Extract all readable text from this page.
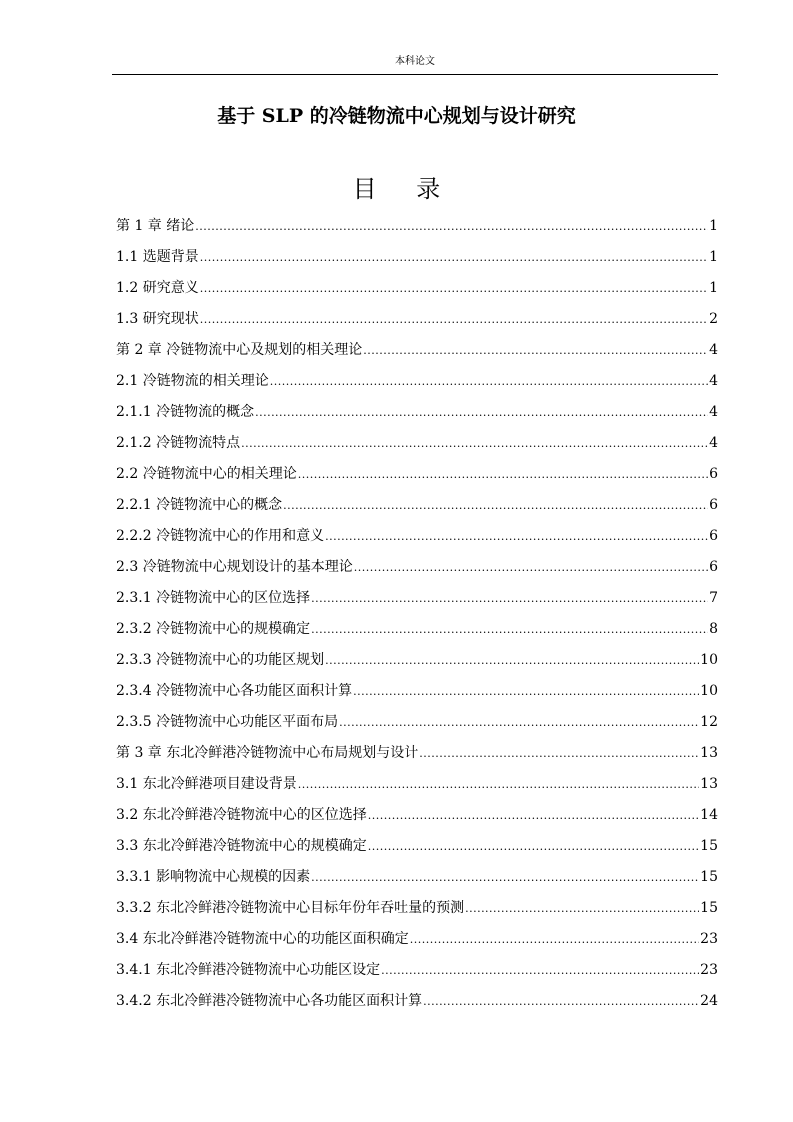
本科论文
基于 SLP 的冷链物流中心规划与设计研究
目 录
第 1 章 绪论 .....	1
1.1 选题背景 .....	1
1.2 研究意义 .....	1
1.3 研究现状 .....	2
第 2 章 冷链物流中心及规划的相关理论 .....	4
2.1 冷链物流的相关理论 .....	4
2.1.1 冷链物流的概念 .....	4
2.1.2 冷链物流特点 .....	4
2.2 冷链物流中心的相关理论 .....	6
2.2.1 冷链物流中心的概念 .....	6
2.2.2 冷链物流中心的作用和意义 .....	6
2.3 冷链物流中心规划设计的基本理论 .....	6
2.3.1 冷链物流中心的区位选择 .....	7
2.3.2 冷链物流中心的规模确定 .....	8
2.3.3 冷链物流中心的功能区规划 .....	10
2.3.4 冷链物流中心各功能区面积计算 .....	10
2.3.5 冷链物流中心功能区平面布局 .....	12
第 3 章 东北冷鲜港冷链物流中心布局规划与设计 .....	13
3.1 东北冷鲜港项目建设背景 .....	13
3.2 东北冷鲜港冷链物流中心的区位选择 .....	14
3.3 东北冷鲜港冷链物流中心的规模确定 .....	15
3.3.1 影响物流中心规模的因素 .....	15
3.3.2 东北冷鲜港冷链物流中心目标年份年吞吐量的预测 .....	15
3.4 东北冷鲜港冷链物流中心的功能区面积确定 .....	23
3.4.1 东北冷鲜港冷链物流中心功能区设定 .....	23
3.4.2 东北冷鲜港冷链物流中心各功能区面积计算 .....	24
